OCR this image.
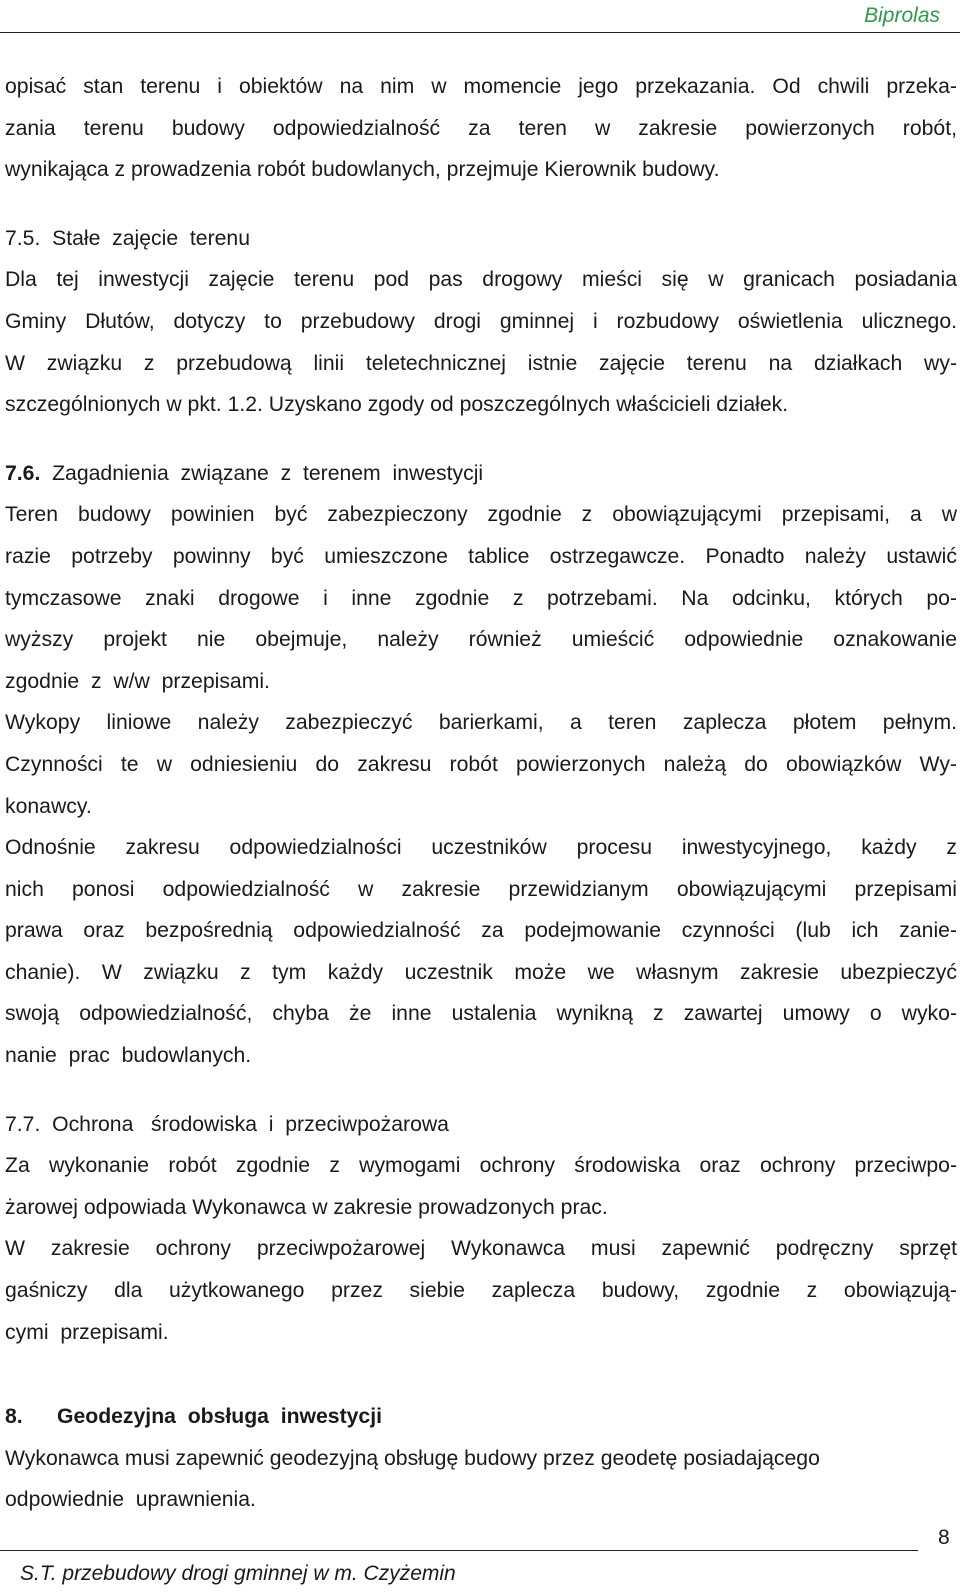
Biprolas
opisać stan terenu i obiektów na nim w momencie jego przekazania. Od chwili przeka-
zania terenu budowy odpowiedzialność za teren w zakresie powierzonych robót,
wynikająca z prowadzenia robót budowlanych, przejmuje Kierownik budowy.
7.5.  Stałe  zajęcie  terenu
Dla tej inwestycji zajęcie terenu pod pas drogowy mieści się w granicach posiadania
Gminy Dłutów, dotyczy to przebudowy drogi gminnej i rozbudowy oświetlenia ulicznego.
W związku z przebudową linii teletechnicznej istnie zajęcie terenu na działkach wy-
szczególnionych w pkt. 1.2. Uzyskano zgody od poszczególnych właścicieli działek.
7.6.  Zagadnienia  związane  z  terenem  inwestycji
Teren budowy powinien być zabezpieczony zgodnie z obowiązującymi przepisami, a w
razie potrzeby powinny być umieszczone tablice ostrzegawcze. Ponadto należy ustawić
tymczasowe znaki drogowe i inne zgodnie z potrzebami. Na odcinku, których po-
wyższy projekt nie obejmuje, należy również umieścić odpowiednie oznakowanie
zgodnie  z  w/w  przepisami.
Wykopy liniowe należy zabezpieczyć barierkami, a teren zaplecza płotem pełnym.
Czynności te w odniesieniu do zakresu robót powierzonych należą do obowiązków Wy-
konawcy.
Odnośnie zakresu odpowiedzialności uczestników procesu inwestycyjnego, każdy z
nich ponosi odpowiedzialność w zakresie przewidzianym obowiązującymi przepisami
prawa oraz bezpośrednią odpowiedzialność za podejmowanie czynności (lub ich zanie-
chanie). W związku z tym każdy uczestnik może we własnym zakresie ubezpieczyć
swoją odpowiedzialność, chyba że inne ustalenia wynikną z zawartej umowy o wyko-
nanie  prac  budowlanych.
7.7.  Ochrona   środowiska  i  przeciwpożarowa
Za wykonanie robót zgodnie z wymogami ochrony środowiska oraz ochrony przeciwpo-
żarowej odpowiada Wykonawca w zakresie prowadzonych prac.
W zakresie ochrony przeciwpożarowej Wykonawca musi zapewnić podręczny sprzęt
gaśniczy dla użytkowanego przez siebie zaplecza budowy, zgodnie z obowiązują-
cymi  przepisami.
8. Geodezyjna  obsługa  inwestycji
Wykonawca musi zapewnić geodezyjną obsługę budowy przez geodetę posiadającego
odpowiednie  uprawnienia.
8
S.T. przebudowy drogi gminnej w m. Czyżemin
